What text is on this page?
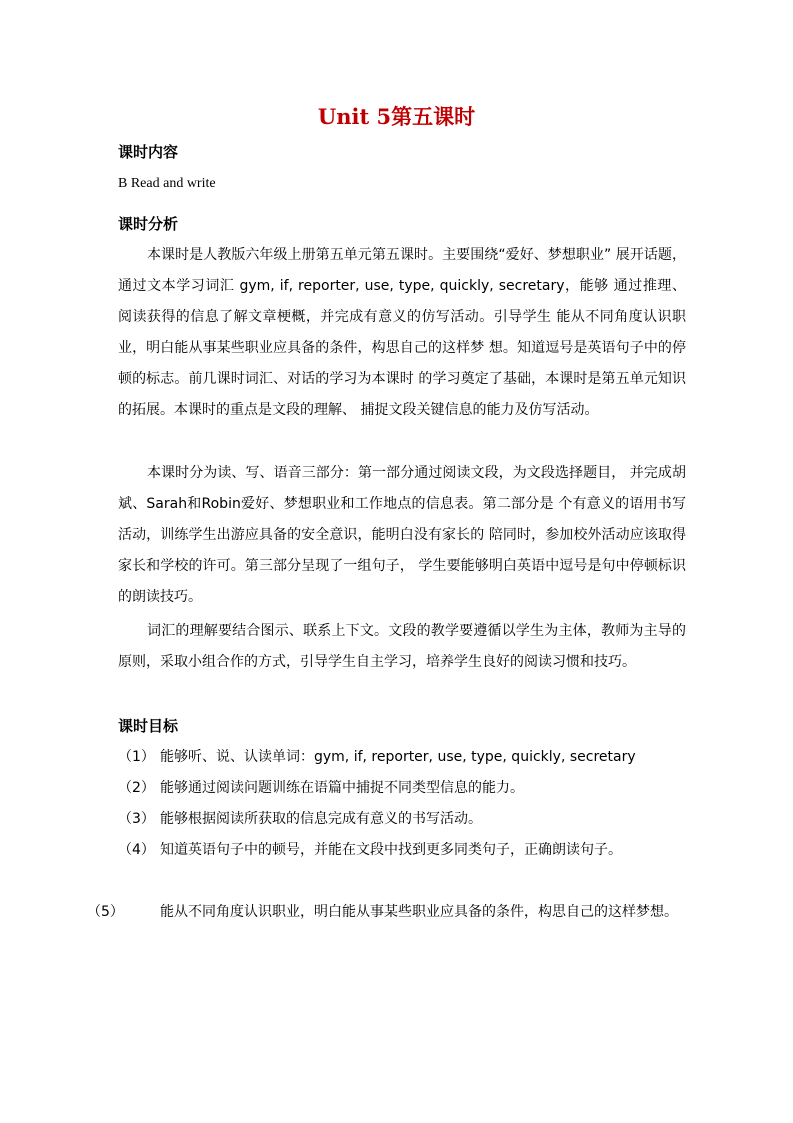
Unit 5第五课时
课时内容
B Read and write
课时分析
本课时是人教版六年级上册第五单元第五课时。主要围绕“爱好、梦想职业” 展开话题，通过文本学习词汇 gym, if, reporter, use, type, quickly, secretary，能够 通过推理、阅读获得的信息了解文章梗概，并完成有意义的仿写活动。引导学生 能从不同角度认识职业，明白能从事某些职业应具备的条件，构思自己的这样梦 想。知道逗号是英语句子中的停顿的标志。前几课时词汇、对话的学习为本课时 的学习奠定了基础，本课时是第五单元知识的拓展。本课时的重点是文段的理解、 捕捉文段关键信息的能力及仿写活动。
本课时分为读、写、语音三部分：第一部分通过阅读文段，为文段选择题目， 并完成胡斌、Sarah和Robin爱好、梦想职业和工作地点的信息表。第二部分是 个有意义的语用书写活动，训练学生出游应具备的安全意识，能明白没有家长的 陪同时，参加校外活动应该取得家长和学校的许可。第三部分呈现了一组句子， 学生要能够明白英语中逗号是句中停顿标识的朗读技巧。
词汇的理解要结合图示、联系上下文。文段的教学要遵循以学生为主体，教师为主导的原则，采取小组合作的方式，引导学生自主学习，培养学生良好的阅读习惯和技巧。
课时目标
（1） 能够听、说、认读单词：gym, if, reporter, use, type, quickly, secretary
（2） 能够通过阅读问题训练在语篇中捕捉不同类型信息的能力。
（3） 能够根据阅读所获取的信息完成有意义的书写活动。
（4） 知道英语句子中的顿号，并能在文段中找到更多同类句子，正确朗读句子。
（5）	能从不同角度认识职业，明白能从事某些职业应具备的条件，构思自己的这样梦想。
